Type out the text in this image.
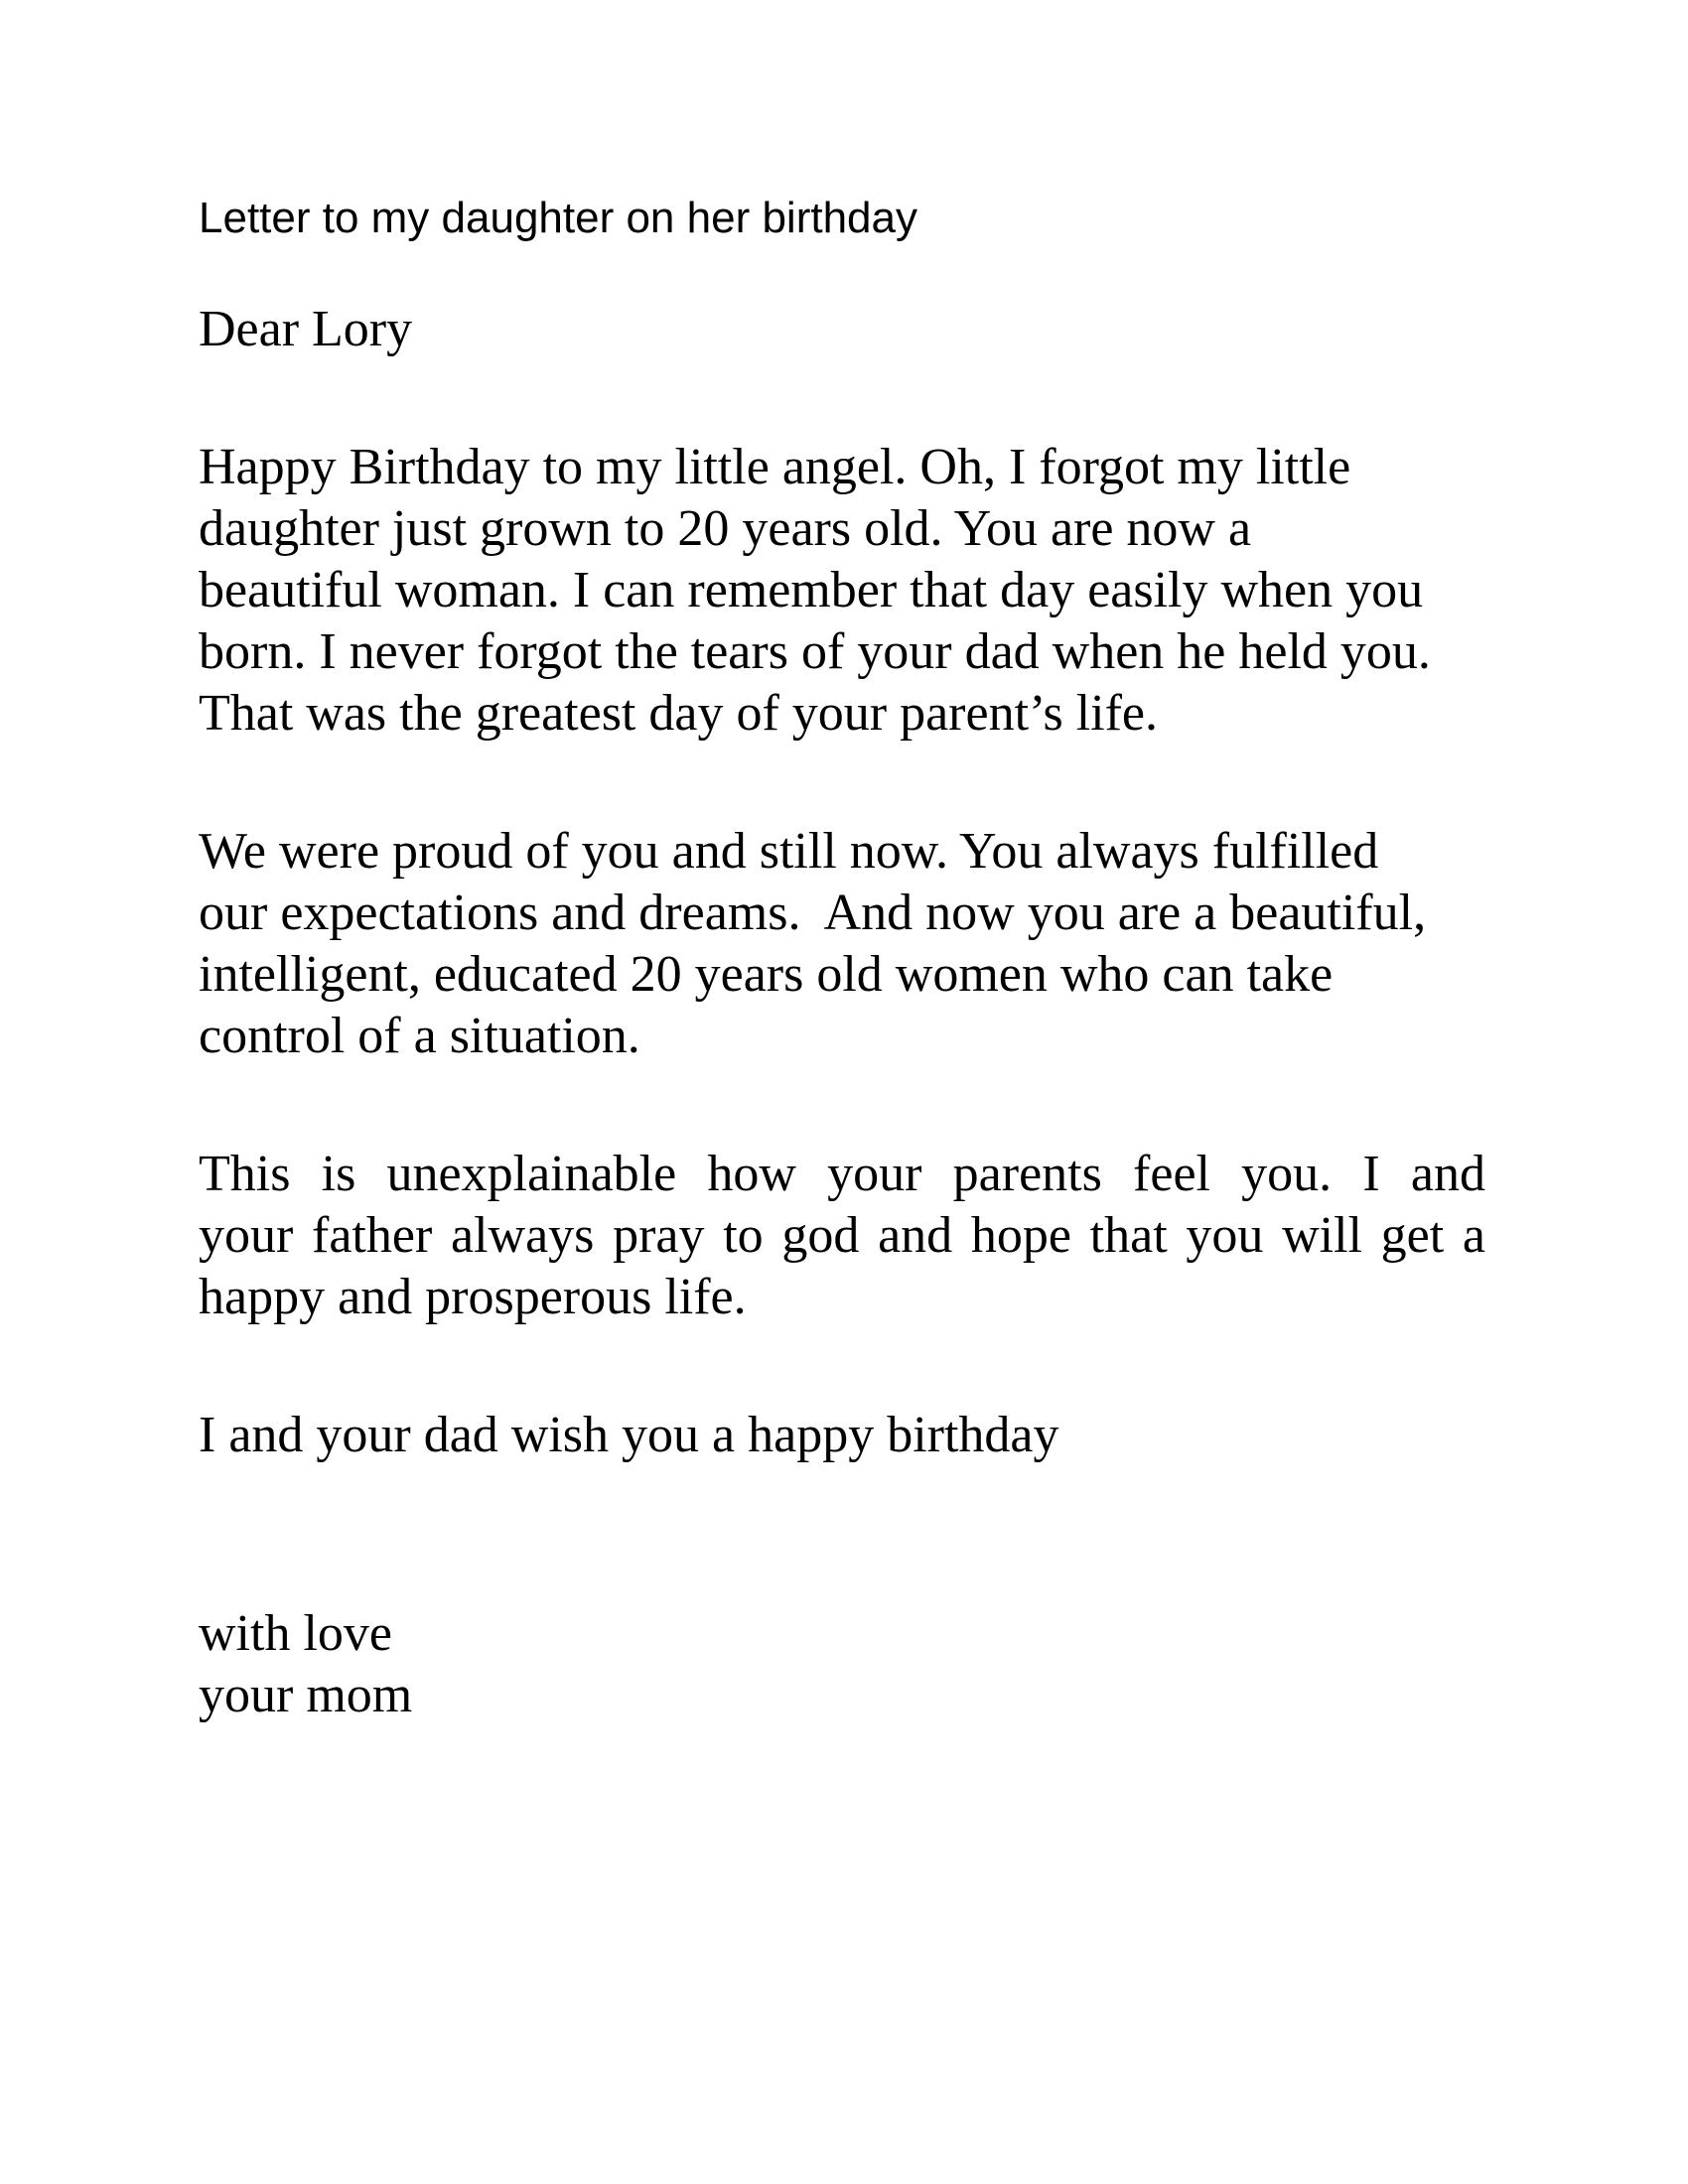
Letter to my daughter on her birthday
Dear Lory
Happy Birthday to my little angel. Oh, I forgot my little
daughter just grown to 20 years old. You are now a
beautiful woman. I can remember that day easily when you
born. I never forgot the tears of your dad when he held you.
That was the greatest day of your parent’s life.
We were proud of you and still now. You always fulfilled
our expectations and dreams.  And now you are a beautiful,
intelligent, educated 20 years old women who can take
control of a situation.
This is unexplainable how your parents feel you. I and
your father always pray to god and hope that you will get a
happy and prosperous life.
I and your dad wish you a happy birthday
with love
your mom
